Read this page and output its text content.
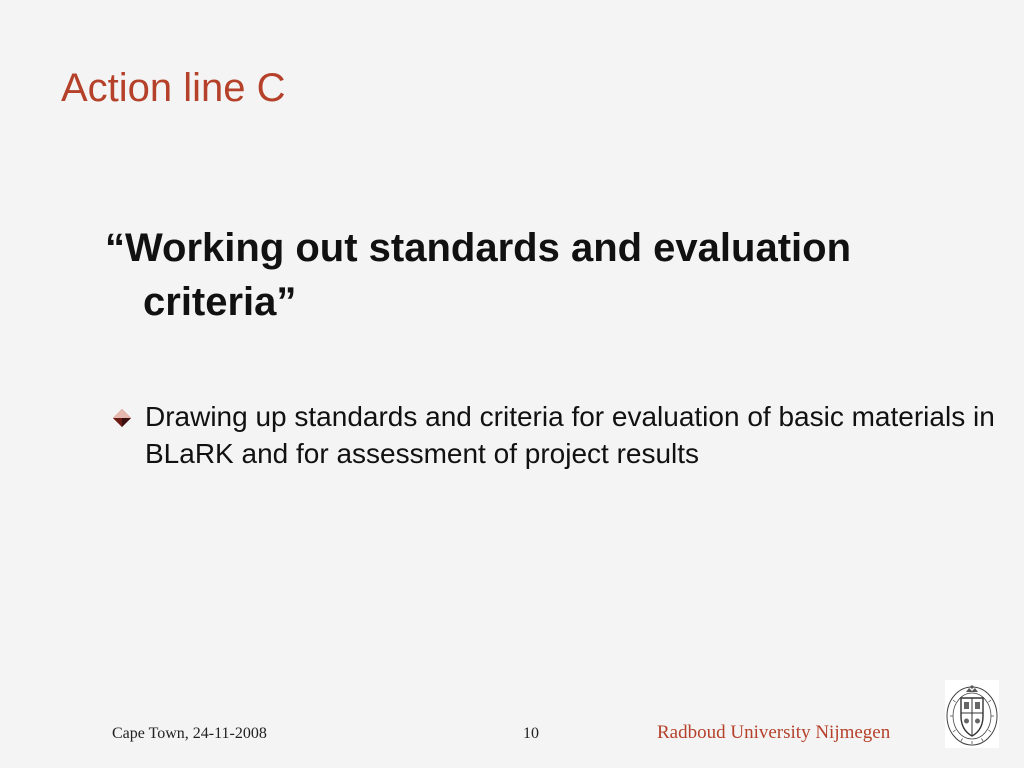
Action line C
“Working out standards and evaluation criteria”

Drawing up standards and criteria for evaluation of basic materials in BLaRK and for assessment of project results

Cape Town, 24-11-2008	10	Radboud University Nijmegen
